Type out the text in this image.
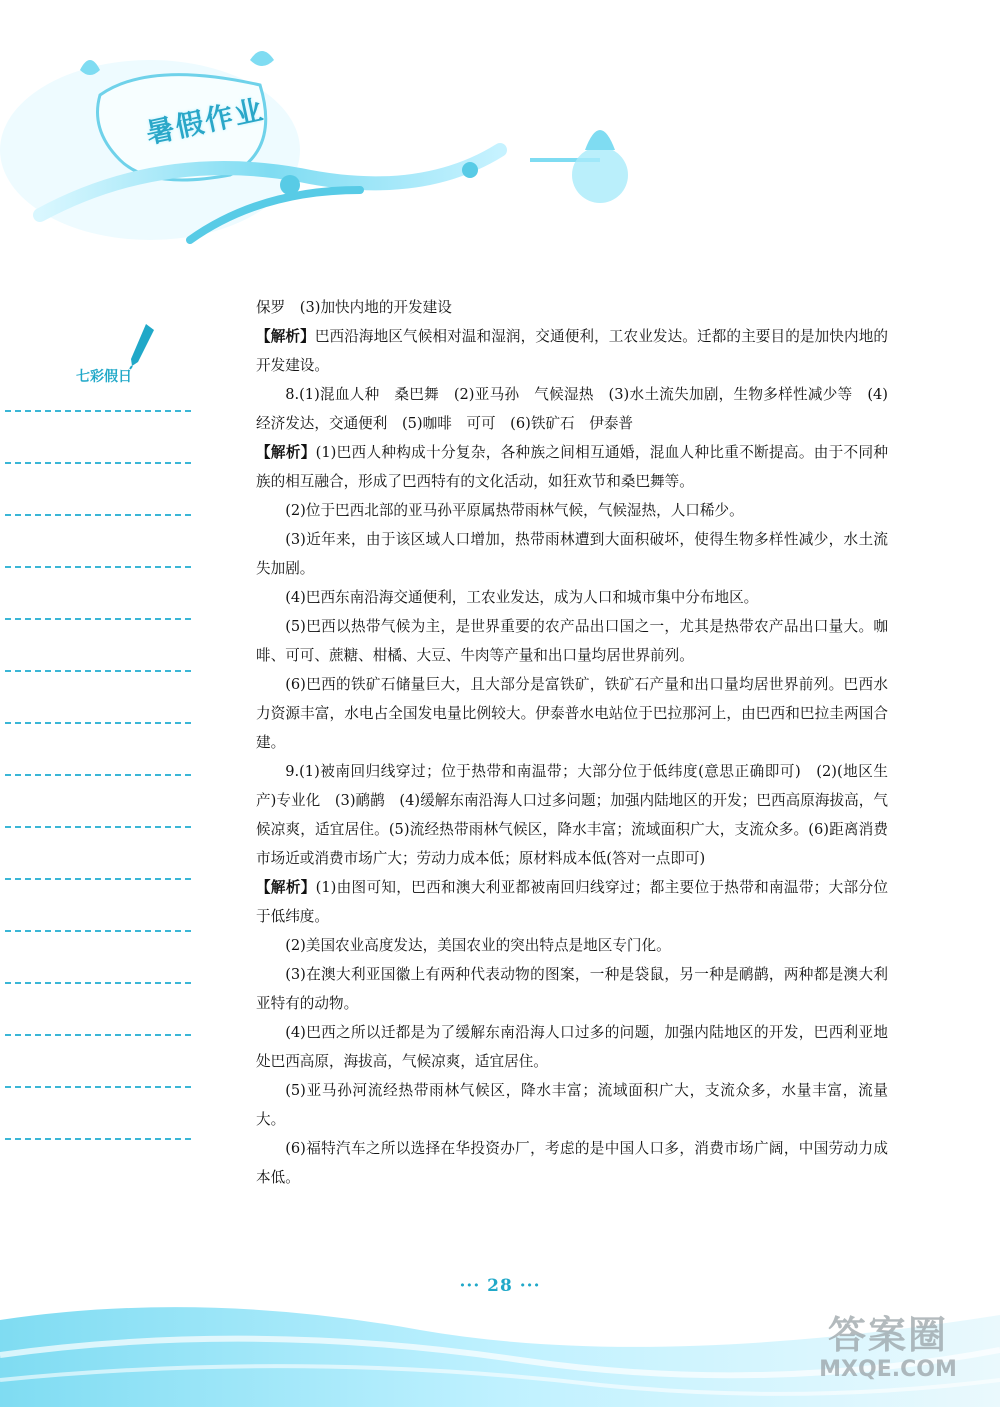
暑假作业
七彩假日

保罗　(3)加快内地的开发建设

【解析】巴西沿海地区气候相对温和湿润，交通便利，工农业发达。迁都的主要目的是加快内地的开发建设。

8.(1)混血人种　桑巴舞　(2)亚马孙　气候湿热　(3)水土流失加剧，生物多样性减少等　(4)经济发达，交通便利　(5)咖啡　可可　(6)铁矿石　伊泰普

【解析】(1)巴西人种构成十分复杂，各种族之间相互通婚，混血人种比重不断提高。由于不同种族的相互融合，形成了巴西特有的文化活动，如狂欢节和桑巴舞等。

(2)位于巴西北部的亚马孙平原属热带雨林气候，气候湿热，人口稀少。

(3)近年来，由于该区域人口增加，热带雨林遭到大面积破坏，使得生物多样性减少，水土流失加剧。

(4)巴西东南沿海交通便利，工农业发达，成为人口和城市集中分布地区。

(5)巴西以热带气候为主，是世界重要的农产品出口国之一，尤其是热带农产品出口量大。咖啡、可可、蔗糖、柑橘、大豆、牛肉等产量和出口量均居世界前列。

(6)巴西的铁矿石储量巨大，且大部分是富铁矿，铁矿石产量和出口量均居世界前列。巴西水力资源丰富，水电占全国发电量比例较大。伊泰普水电站位于巴拉那河上，由巴西和巴拉圭两国合建。

9.(1)被南回归线穿过；位于热带和南温带；大部分位于低纬度(意思正确即可)　(2)(地区生产)专业化　(3)鸸鹋　(4)缓解东南沿海人口过多问题；加强内陆地区的开发；巴西高原海拔高，气候凉爽，适宜居住。(5)流经热带雨林气候区，降水丰富；流域面积广大，支流众多。(6)距离消费市场近或消费市场广大；劳动力成本低；原材料成本低(答对一点即可)

【解析】(1)由图可知，巴西和澳大利亚都被南回归线穿过；都主要位于热带和南温带；大部分位于低纬度。

(2)美国农业高度发达，美国农业的突出特点是地区专门化。

(3)在澳大利亚国徽上有两种代表动物的图案，一种是袋鼠，另一种是鸸鹋，两种都是澳大利亚特有的动物。

(4)巴西之所以迁都是为了缓解东南沿海人口过多的问题，加强内陆地区的开发，巴西利亚地处巴西高原，海拔高，气候凉爽，适宜居住。

(5)亚马孙河流经热带雨林气候区，降水丰富；流域面积广大，支流众多，水量丰富，流量大。

(6)福特汽车之所以选择在华投资办厂，考虑的是中国人口多，消费市场广阔，中国劳动力成本低。

··· 28 ···
答案圈
MXQE.COM
